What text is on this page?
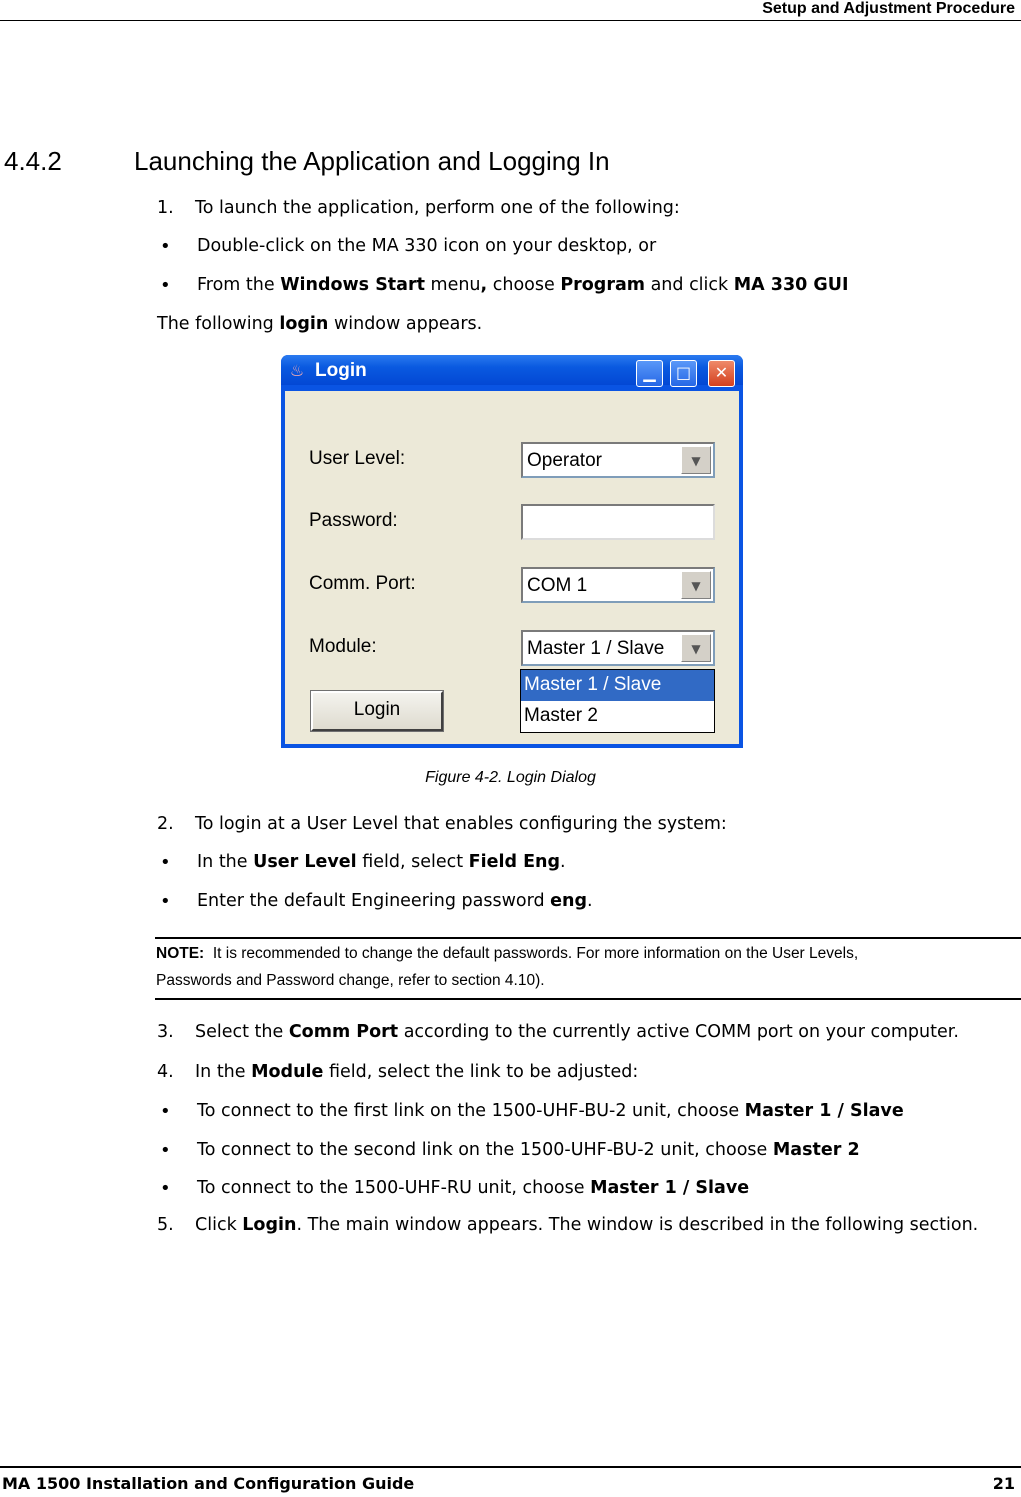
Setup and Adjustment Procedure
4.4.2	Launching the Application and Logging In
1. To launch the application, perform one of the following:
• Double-click on the MA 330 icon on your desktop, or
• From the Windows Start menu, choose Program and click MA 330 GUI
The following login window appears.
♨ Login	▁	□	✕
User Level:	Operator	▼
Password:
Comm. Port:	COM 1	▼
Module:	Master 1 / Slave	▼
Master 1 / Slave
Master 2
Login
Figure 4-2. Login Dialog
2. To login at a User Level that enables configuring the system:
• In the User Level field, select Field Eng.
• Enter the default Engineering password eng.
NOTE: It is recommended to change the default passwords. For more information on the User Levels,
Passwords and Password change, refer to section 4.10).
3. Select the Comm Port according to the currently active COMM port on your computer.
4. In the Module field, select the link to be adjusted:
• To connect to the first link on the 1500-UHF-BU-2 unit, choose Master 1 / Slave
• To connect to the second link on the 1500-UHF-BU-2 unit, choose Master 2
• To connect to the 1500-UHF-RU unit, choose Master 1 / Slave
5. Click Login. The main window appears. The window is described in the following section.
MA 1500 Installation and Configuration Guide	21
